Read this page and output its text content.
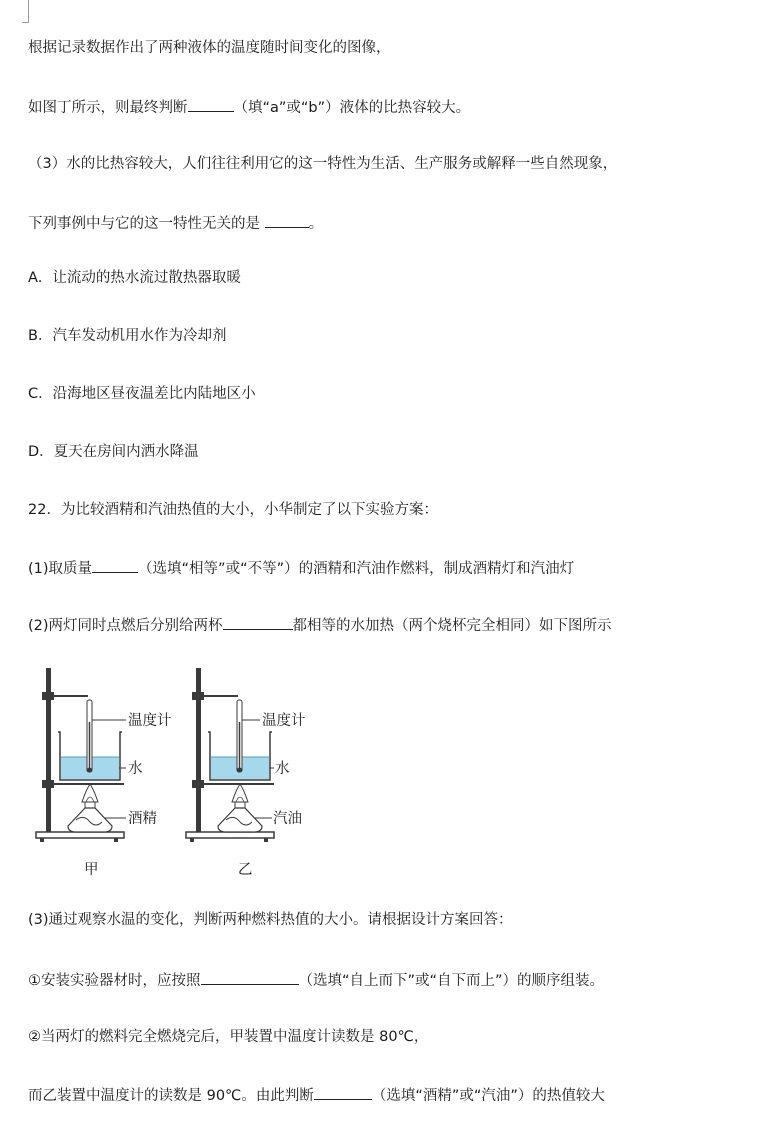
根据记录数据作出了两种液体的温度随时间变化的图像，
如图丁所示，则最终判断	（填“a”或“b”）液体的比热容较大。
（3）水的比热容较大，人们往往利用它的这一特性为生活、生产服务或解释一些自然现象，
下列事例中与它的这一特性无关的是	。
A．让流动的热水流过散热器取暖
B．汽车发动机用水作为冷却剂
C．沿海地区昼夜温差比内陆地区小
D．夏天在房间内洒水降温
22．为比较酒精和汽油热值的大小，小华制定了以下实验方案：
(1)取质量	（选填“相等”或“不等”）的酒精和汽油作燃料，制成酒精灯和汽油灯
(2)两灯同时点燃后分别给两杯	都相等的水加热（两个烧杯完全相同）如下图所示
温度计
水
酒精
甲
温度计
水
汽油
乙
(3)通过观察水温的变化，判断两种燃料热值的大小。请根据设计方案回答：
①安装实验器材时，应按照	（选填“自上而下”或“自下而上”）的顺序组装。
②当两灯的燃料完全燃烧完后，甲装置中温度计读数是 80℃，
而乙装置中温度计的读数是 90℃。由此判断	（选填“酒精”或“汽油”）的热值较大
